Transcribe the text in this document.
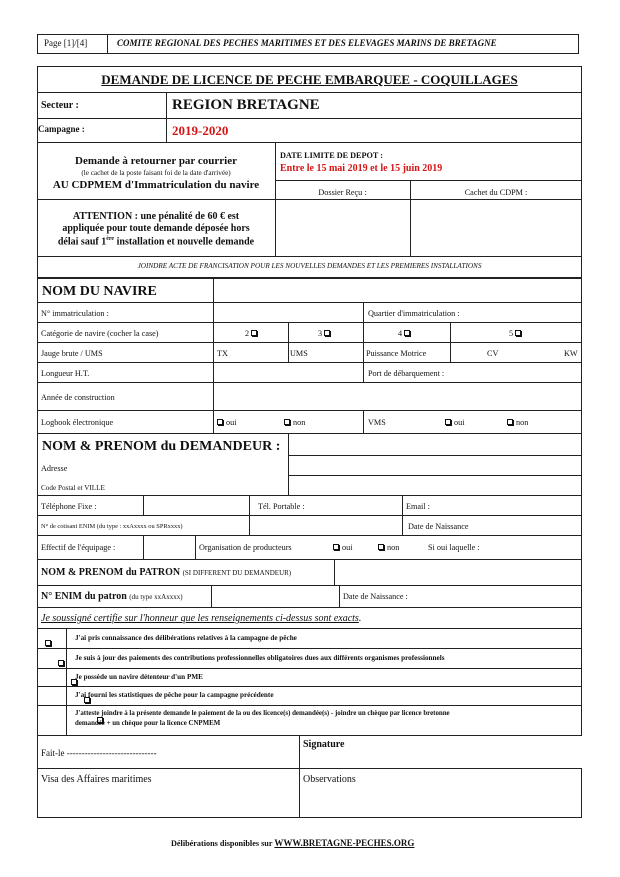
Page [1]/[4]	COMITE REGIONAL DES PECHES MARITIMES ET DES ELEVAGES MARINS DE BRETAGNE
DEMANDE DE LICENCE DE PECHE EMBARQUEE - COQUILLAGES
Secteur :	REGION BRETAGNE
Campagne :	2019-2020
Demande à retourner par courrier
(le cachet de la poste faisant foi de la date d'arrivée)
AU CDPMEM d'Immatriculation du navire
DATE LIMITE DE DEPOT :
Entre le 15 mai 2019 et le 15 juin 2019
Dossier Reçu :	Cachet du CDPM :
ATTENTION : une pénalité de 60 € est
appliquée pour toute demande déposée hors
délai sauf 1ère installation et nouvelle demande
JOINDRE ACTE DE FRANCISATION POUR LES NOUVELLES DEMANDES ET LES PREMIERES INSTALLATIONS
NOM DU NAVIRE
N° immatriculation :	Quartier d'immatriculation :
Catégorie de navire (cocher la case)	2	3	4	5
Jauge brute / UMS	TX	UMS	Puissance Motrice	CV	KW
Longueur H.T.	Port de débarquement :
Année de construction
Logbook électronique	oui	non	VMS	oui	non
NOM & PRENOM du DEMANDEUR :
Adresse
Code Postal et VILLE
Téléphone Fixe :	Tél. Portable :	Email :
N° de cotisant ENIM (du type : xxAxxxx ou SPRxxxx)	Date de Naissance
Effectif de l'équipage :	Organisation de producteurs	oui	non	Si oui laquelle :
NOM & PRENOM du PATRON (SI DIFFERENT DU DEMANDEUR)
N° ENIM du patron (du type xxAxxxx)	Date de Naissance :
Je soussigné certifie sur l'honneur que les renseignements ci-dessus sont exacts.

J'ai pris connaissance des délibérations relatives à la campagne de pêche

Je suis à jour des paiements des contributions professionnelles obligatoires dues aux différents organismes professionnels

Je possède un navire détenteur d'un PME

J'ai fourni les statistiques de pêche pour la campagne précédente
J'atteste joindre à la présente demande le paiement de la ou des licence(s) demandée(s) - joindre un chèque par licence bretonne
demandée + un chèque pour la licence CNPMEM
Fait-le ------------------------------
Signature
Visa des Affaires maritimes	Observations
Délibérations disponibles sur WWW.BRETAGNE-PECHES.ORG
